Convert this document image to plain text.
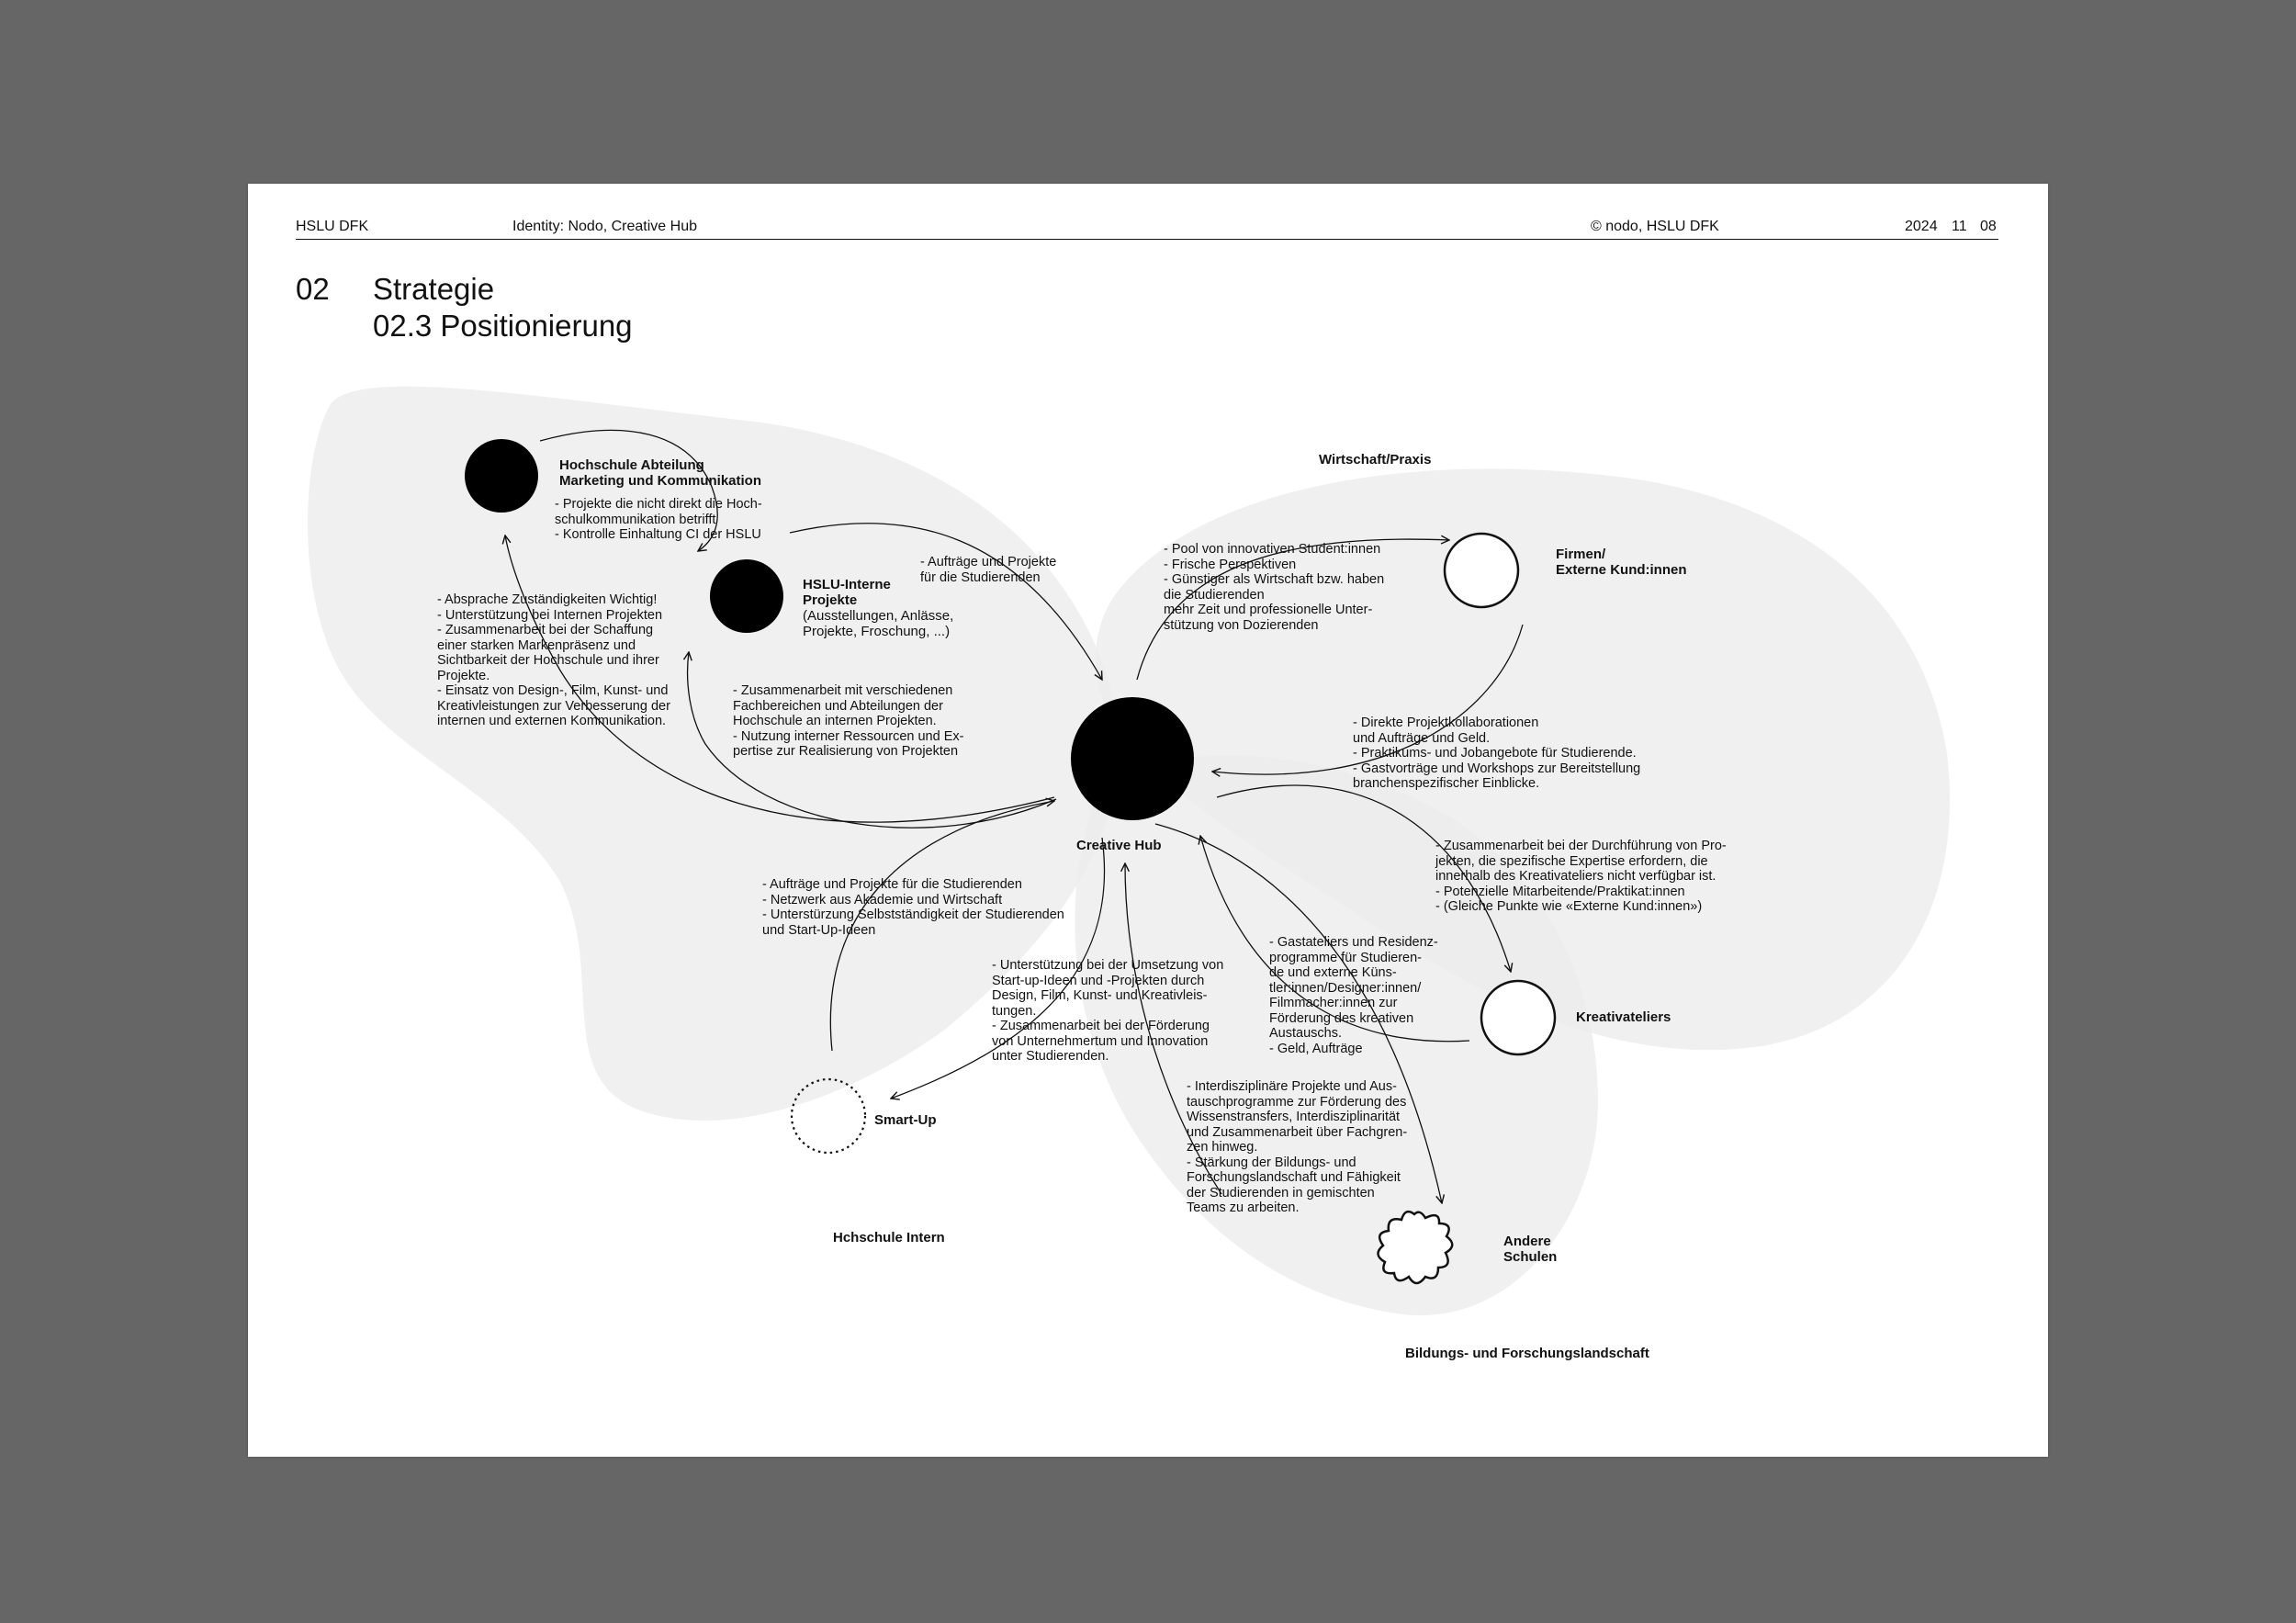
HSLU DFK	Identity: Nodo, Creative Hub	© nodo, HSLU DFK	2024 11 08
02 Strategie
02.3 Positionierung
Hochschule Abteilung
Marketing und Kommunikation
HSLU-Interne
Projekte
(Ausstellungen, Anlässe,
Projekte, Froschung, ...)
Firmen/
Externe Kund:innen
Kreativateliers
Smart-Up
Andere
Schulen
Creative Hub
Wirtschaft/Praxis
Hchschule Intern
Bildungs- und Forschungslandschaft
- Projekte die nicht direkt die Hoch-
schulkommunikation betrifft
- Kontrolle Einhaltung CI der HSLU
- Absprache Zuständigkeiten Wichtig!
- Unterstützung bei Internen Projekten
- Zusammenarbeit bei der Schaffung
einer starken Markenpräsenz und
Sichtbarkeit der Hochschule und ihrer
Projekte.
- Einsatz von Design-, Film, Kunst- und
Kreativleistungen zur Verbesserung der
internen und externen Kommunikation.
- Aufträge und Projekte
für die Studierenden
- Zusammenarbeit mit verschiedenen
Fachbereichen und Abteilungen der
Hochschule an internen Projekten.
- Nutzung interner Ressourcen und Ex-
pertise zur Realisierung von Projekten
- Pool von innovativen Student:innen
- Frische Perspektiven
- Günstiger als Wirtschaft bzw. haben
die Studierenden
mehr Zeit und professionelle Unter-
stützung von Dozierenden
- Direkte Projektkollaborationen
und Aufträge und Geld.
- Praktikums- und Jobangebote für Studierende.
- Gastvorträge und Workshops zur Bereitstellung
branchenspezifischer Einblicke.
- Zusammenarbeit bei der Durchführung von Pro-
jekten, die spezifische Expertise erfordern, die
innerhalb des Kreativateliers nicht verfügbar ist.
- Potenzielle Mitarbeitende/Praktikat:innen
- (Gleiche Punkte wie «Externe Kund:innen»)
- Gastateliers und Residenz-
programme für Studieren-
de und externe Küns-
tler:innen/Designer:innen/
Filmmacher:innen zur
Förderung des kreativen
Austauschs.
- Geld, Aufträge
- Aufträge und Projekte für die Studierenden
- Netzwerk aus Akademie und Wirtschaft
- Unterstürzung Selbstständigkeit der Studierenden
und Start-Up-Ideen
- Unterstützung bei der Umsetzung von
Start-up-Ideen und -Projekten durch
Design, Film, Kunst- und Kreativleis-
tungen.
- Zusammenarbeit bei der Förderung
von Unternehmertum und Innovation
unter Studierenden.
- Interdisziplinäre Projekte und Aus-
tauschprogramme zur Förderung des
Wissenstransfers, Interdisziplinarität
und Zusammenarbeit über Fachgren-
zen hinweg.
- Stärkung der Bildungs- und
Forschungslandschaft und Fähigkeit
der Studierenden in gemischten
Teams zu arbeiten.
